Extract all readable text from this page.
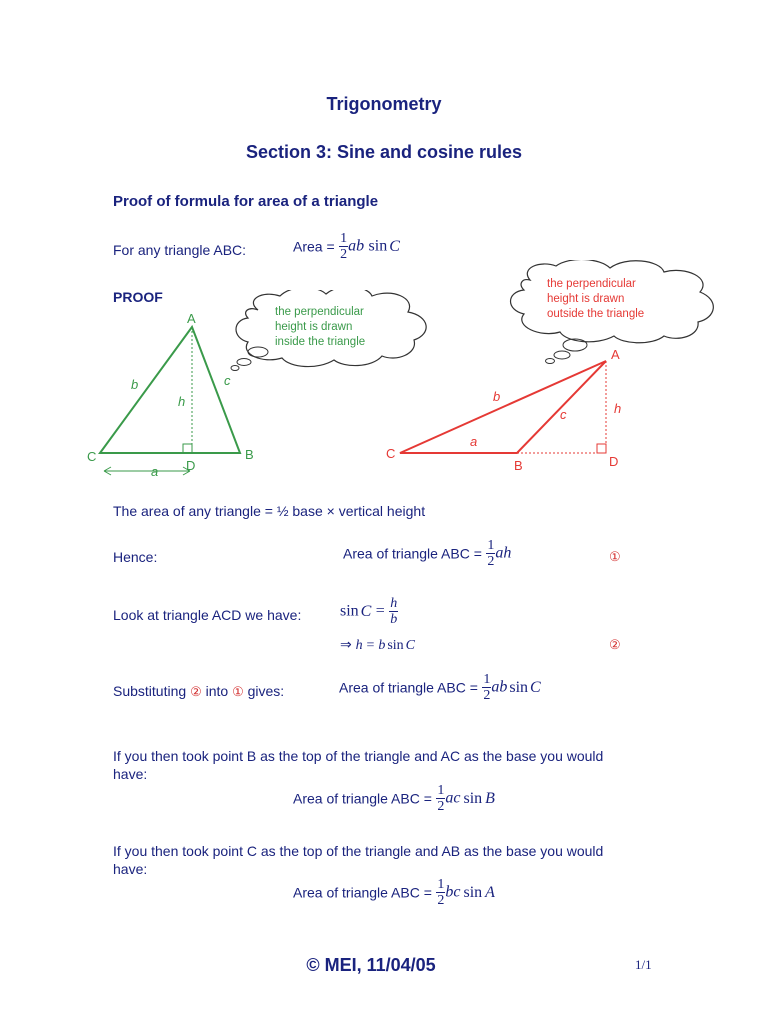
Trigonometry
Section 3: Sine and cosine rules
Proof of formula for area of a triangle
For any triangle ABC:	Area = $\frac{1}{2}$ ab sin C
PROOF
the perpendicular
height is drawn
inside the triangle
A
B
C
D
b	c
h
a
the perpendicular
height is drawn
outside the triangle
A
B
C
D
b
c	h
a
The area of any triangle = ½ base × vertical height
Hence:	Area of triangle ABC = $\frac{1}{2}$ ah	①
Look at triangle ACD we have: $\sin C = \frac{h}{b}$
⇒ h = b sin C	②
Substituting ② into ① gives:	Area of triangle ABC = $\frac{1}{2}$ ab sin C
If you then took point B as the top of the triangle and AC as the base you would
have:
Area of triangle ABC = $\frac{1}{2}$ ac sin B
If you then took point C as the top of the triangle and AB as the base you would
have:
Area of triangle ABC = $\frac{1}{2}$ bc sin A
© MEI, 11/04/05	1/1
